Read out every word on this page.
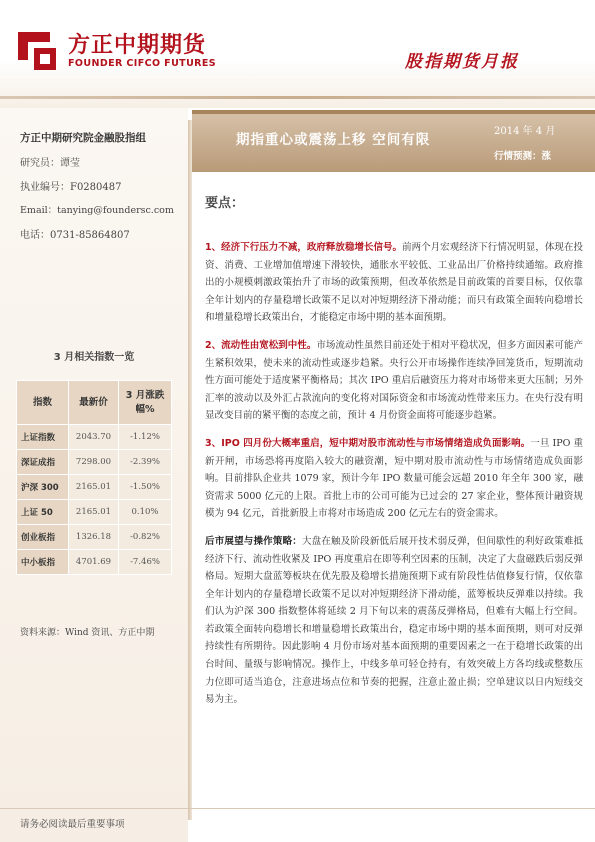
方正中期期货
FOUNDER CIFCO FUTURES	股指期货月报
方正中期研究院金融股指组
研究员：谭莹
执业编号：F0280487
Email：tanying@foundersc.com
电话：0731-85864807
3 月相关指数一览
指数	最新价	3 月涨跌幅%
上证指数	2043.70	-1.12%
深证成指	7298.00	-2.39%
沪深 300	2165.01	-1.50%
上证 50	2165.01	0.10%
创业板指	1326.18	-0.82%
中小板指	4701.69	-7.46%
资料来源：Wind 资讯、方正中期
期指重心或震荡上移 空间有限
2014 年 4 月
行情预测：涨
要点：

1、经济下行压力不减，政府释放稳增长信号。前两个月宏观经济下行情况明显，体现在投资、消费、工业增加值增速下滑较快，通胀水平较低、工业品出厂价格持续通缩。政府推出的小规模刺激政策抬升了市场的政策预期，但改革依然是目前政策的首要目标，仅依靠全年计划内的存量稳增长政策不足以对冲短期经济下滑动能；而只有政策全面转向稳增长和增量稳增长政策出台，才能稳定市场中期的基本面预期。

2、流动性由宽松到中性。市场流动性虽然目前还处于相对平稳状况，但多方面因素可能产生紧积效果，使未来的流动性或逐步趋紧。央行公开市场操作连续净回笼货币，短期流动性方面可能处于适度紧平衡格局；其次 IPO 重启后融资压力将对市场带来更大压制；另外汇率的波动以及外汇占款流向的变化将对国际资金和市场流动性带来压力。在央行没有明显改变目前的紧平衡的态度之前，预计 4 月份资金面将可能逐步趋紧。

3、IPO 四月份大概率重启，短中期对股市流动性与市场情绪造成负面影响。一旦 IPO 重新开闸，市场恐将再度陷入较大的融资潮，短中期对股市流动性与市场情绪造成负面影响。目前排队企业共 1079 家，预计今年 IPO 数量可能会远超 2010 年全年 300 家，融资需求 5000 亿元的上限。首批上市的公司可能为已过会的 27 家企业，整体预计融资规模为 94 亿元，首批新股上市将对市场造成 200 亿元左右的资金需求。

后市展望与操作策略：大盘在触及阶段新低后展开技术弱反弹，但间歇性的利好政策难抵经济下行、流动性收紧及 IPO 再度重启在即等利空因素的压制，决定了大盘磁跌后弱反弹格局。短期大盘蓝筹板块在优先股及稳增长措施预期下或有阶段性估值修复行情，仅依靠全年计划内的存量稳增长政策不足以对冲短期经济下滑动能，蓝筹板块反弹难以持续。我们认为沪深 300 指数整体将延续 2 月下旬以来的震荡反弹格局，但难有大幅上行空间。若政策全面转向稳增长和增量稳增长政策出台，稳定市场中期的基本面预期，则可对反弹持续性有所期待。因此影响 4 月份市场对基本面预期的重要因素之一在于稳增长政策的出台时间、量级与影响情况。操作上，中线多单可轻仓持有，有效突破上方各均线或整数压力位即可适当追仓，注意进场点位和节奏的把握，注意止盈止损；空单建议以日内短线交易为主。

请务必阅读最后重要事项
